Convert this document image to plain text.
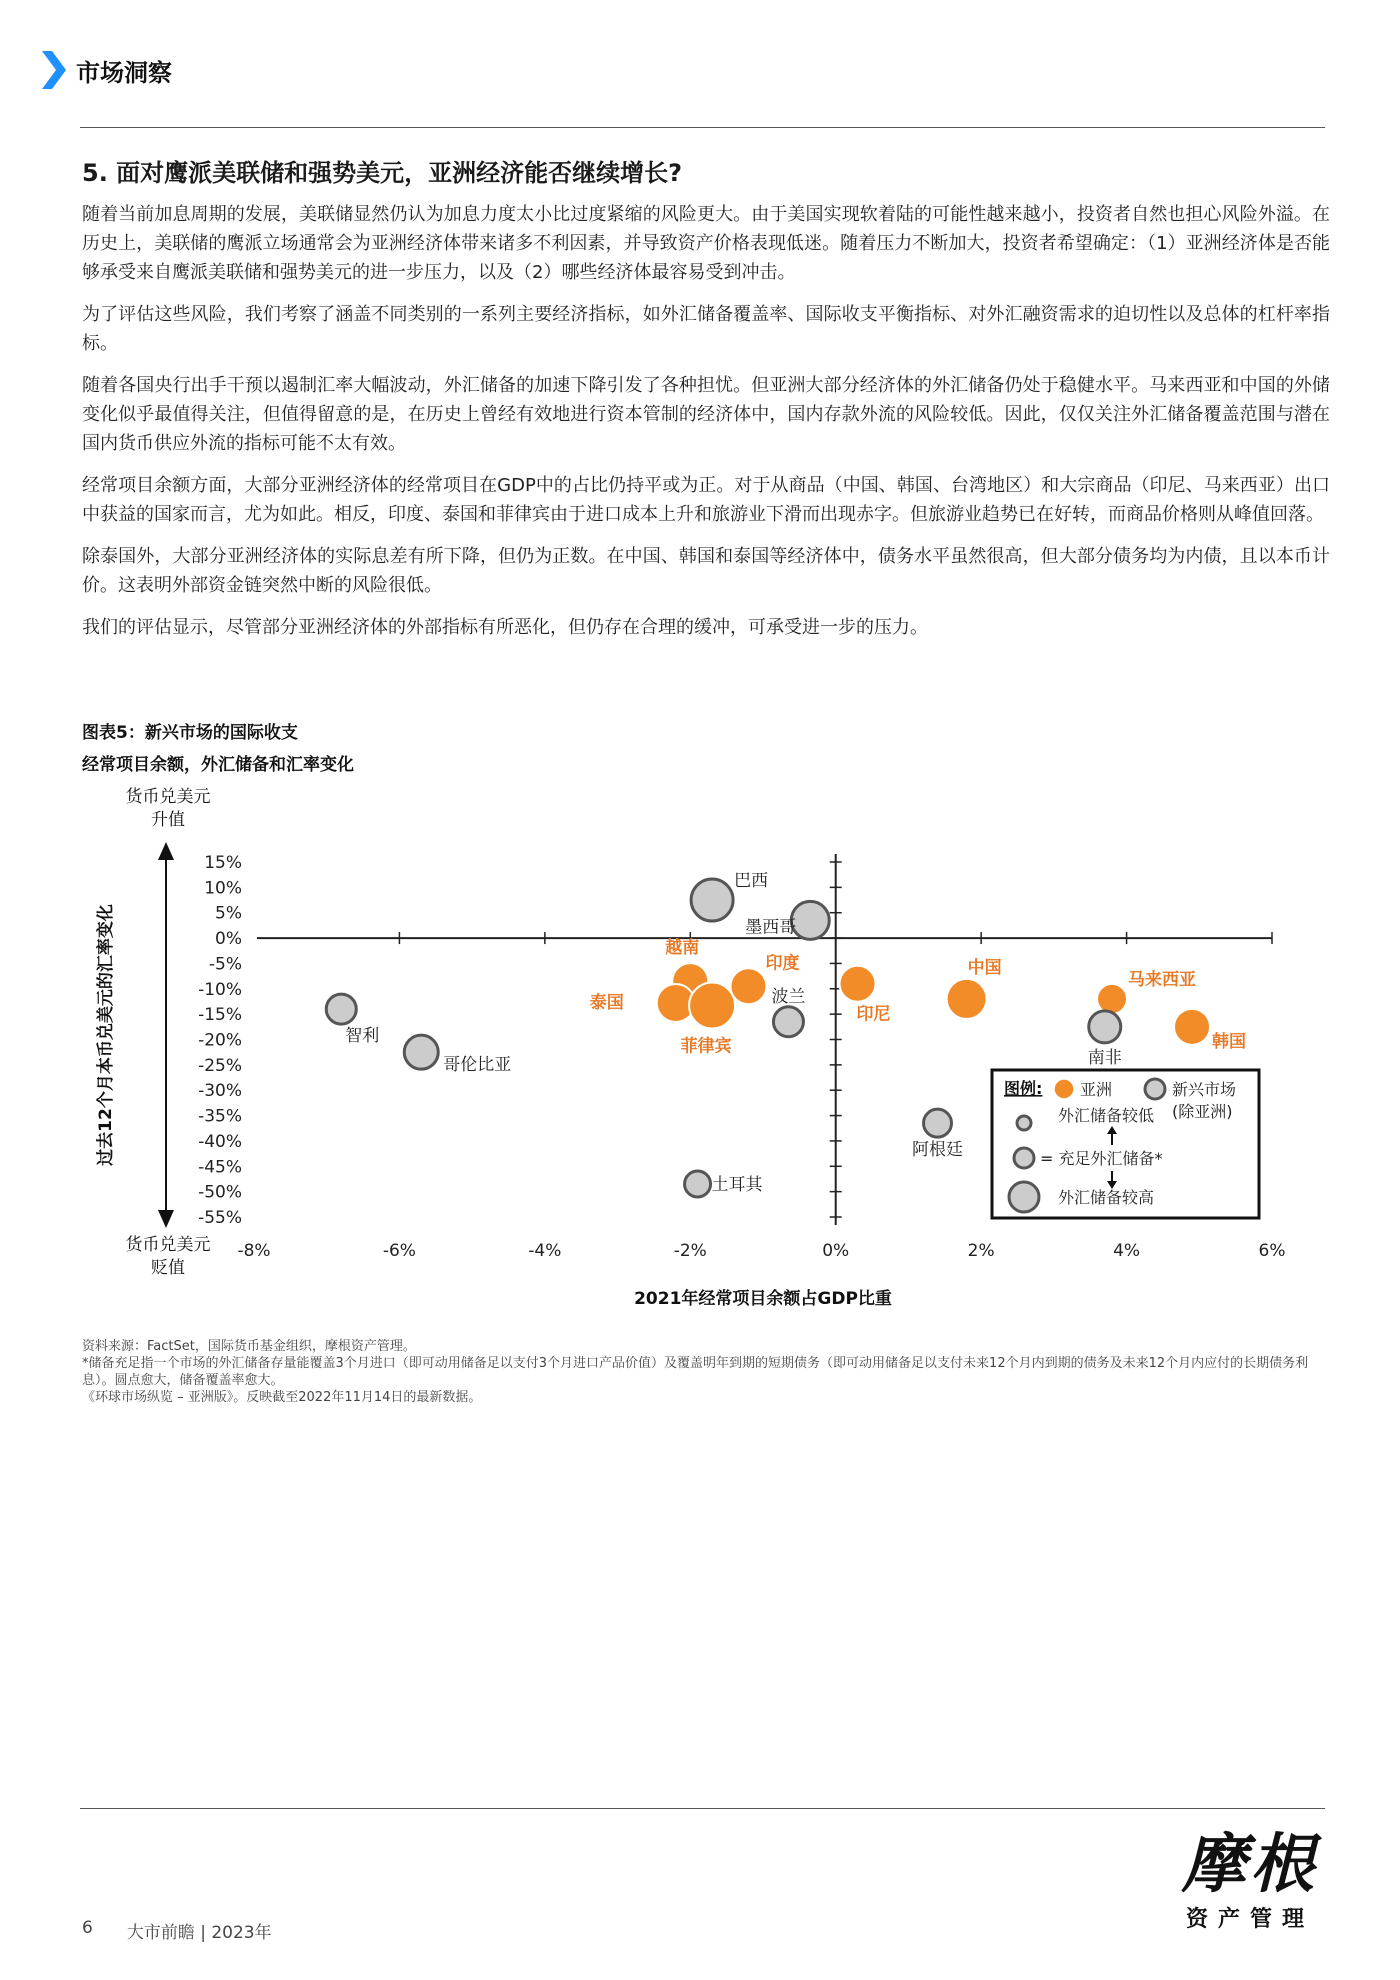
市场洞察
5. 面对鹰派美联储和强势美元，亚洲经济能否继续增长?

随着当前加息周期的发展，美联储显然仍认为加息力度太小比过度紧缩的风险更大。由于美国实现软着陆的可能性越来越小，投资者自然也担心风险外溢。在历史上，美联储的鹰派立场通常会为亚洲经济体带来诸多不利因素，并导致资产价格表现低迷。随着压力不断加大，投资者希望确定：（1）亚洲经济体是否能够承受来自鹰派美联储和强势美元的进一步压力，以及（2）哪些经济体最容易受到冲击。

为了评估这些风险，我们考察了涵盖不同类别的一系列主要经济指标，如外汇储备覆盖率、国际收支平衡指标、对外汇融资需求的迫切性以及总体的杠杆率指标。

随着各国央行出手干预以遏制汇率大幅波动，外汇储备的加速下降引发了各种担忧。但亚洲大部分经济体的外汇储备仍处于稳健水平。马来西亚和中国的外储变化似乎最值得关注，但值得留意的是，在历史上曾经有效地进行资本管制的经济体中，国内存款外流的风险较低。因此，仅仅关注外汇储备覆盖范围与潜在国内货币供应外流的指标可能不太有效。

经常项目余额方面，大部分亚洲经济体的经常项目在GDP中的占比仍持平或为正。对于从商品（中国、韩国、台湾地区）和大宗商品（印尼、马来西亚）出口中获益的国家而言，尤为如此。相反，印度、泰国和菲律宾由于进口成本上升和旅游业下滑而出现赤字。但旅游业趋势已在好转，而商品价格则从峰值回落。

除泰国外，大部分亚洲经济体的实际息差有所下降，但仍为正数。在中国、韩国和泰国等经济体中，债务水平虽然很高，但大部分债务均为内债，且以本币计价。这表明外部资金链突然中断的风险很低。

我们的评估显示，尽管部分亚洲经济体的外部指标有所恶化，但仍存在合理的缓冲，可承受进一步的压力。

图表5：新兴市场的国际收支
经常项目余额，外汇储备和汇率变化
15%
10%
5%
0%
-5%
-10%
-15%
-20%
-25%
-30%
-35%
-40%
-45%
-50%
-55%
-8%	-6%	-4%	-2%	0%	2%	4%	6%
货币兑美元
升值
货币兑美元
贬值
过去12个月本币兑美元的汇率变化
2021年经常项目余额占GDP比重
越南
印度
泰国
菲律宾
印尼
中国
马来西亚
韩国
巴西
墨西哥
波兰
智利
哥伦比亚	南非
阿根廷
土耳其
图例: 亚洲	新兴市场
(除亚洲)
外汇储备较低
= 充足外汇储备*
外汇储备较高
资料来源：FactSet，国际货币基金组织，摩根资产管理。
*储备充足指一个市场的外汇储备存量能覆盖3个月进口（即可动用储备足以支付3个月进口产品价值）及覆盖明年到期的短期债务（即可动用储备足以支付未来12个月内到期的债务及未来12个月内应付的长期债务利息）。圆点愈大，储备覆盖率愈大。
《环球市场纵览 – 亚洲版》。反映截至2022年11月14日的最新数据。
6 大市前瞻 | 2023年
摩根
资产管理
